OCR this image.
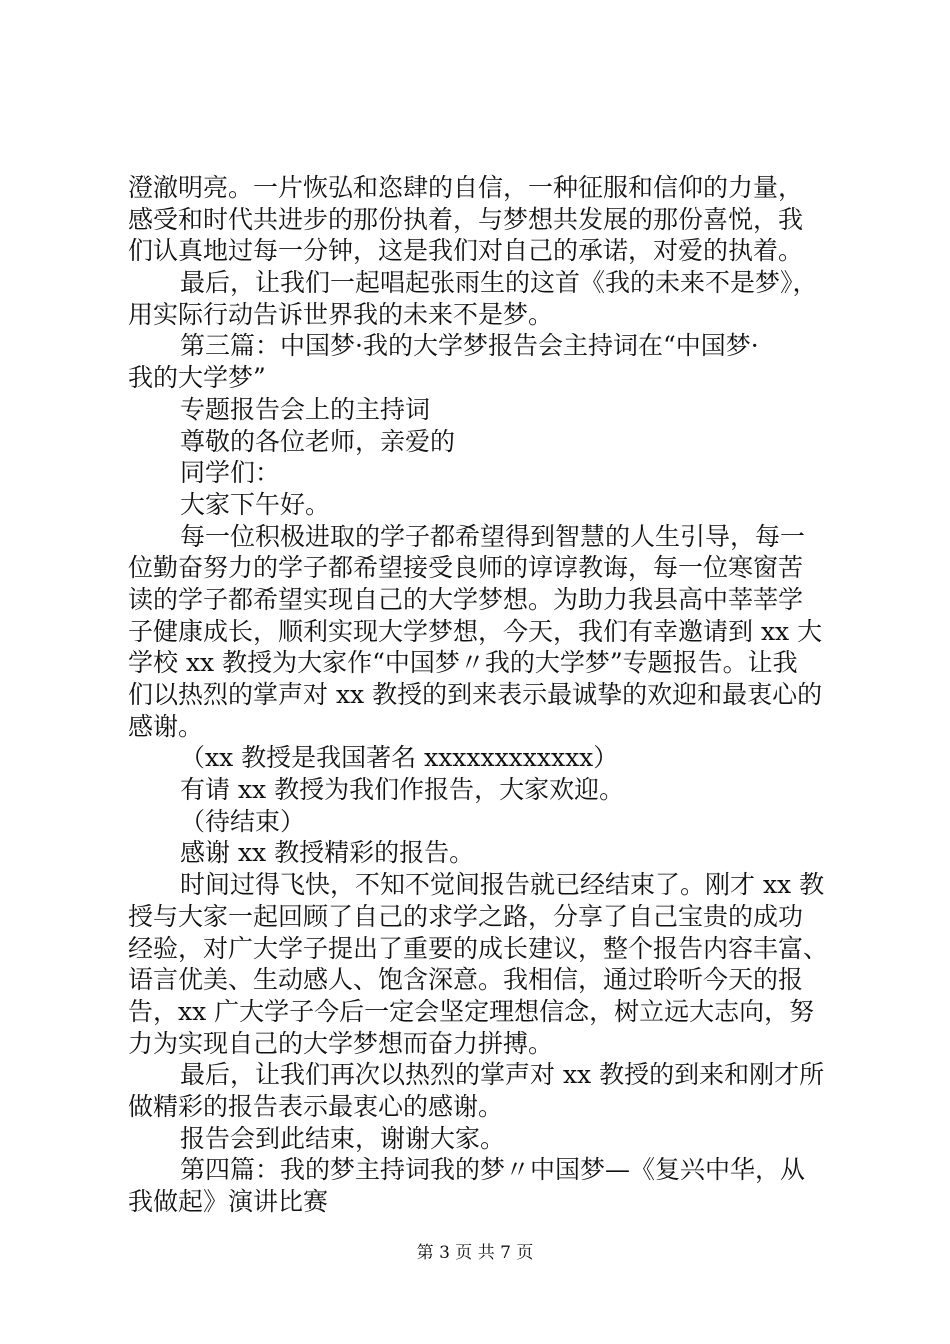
澄澈明亮。一片恢弘和恣肆的自信，一种征服和信仰的力量，
感受和时代共进步的那份执着，与梦想共发展的那份喜悦，我
们认真地过每一分钟，这是我们对自己的承诺，对爱的执着。
最后，让我们一起唱起张雨生的这首《我的未来不是梦》，
用实际行动告诉世界我的未来不是梦。
第三篇：中国梦·我的大学梦报告会主持词在“中国梦·
我的大学梦”
专题报告会上的主持词
尊敬的各位老师，亲爱的
同学们：
大家下午好。
每一位积极进取的学子都希望得到智慧的人生引导，每一
位勤奋努力的学子都希望接受良师的谆谆教诲，每一位寒窗苦
读的学子都希望实现自己的大学梦想。为助力我县高中莘莘学
子健康成长，顺利实现大学梦想，今天，我们有幸邀请到 xx 大
学校 xx 教授为大家作“中国梦〃我的大学梦”专题报告。让我
们以热烈的掌声对 xx 教授的到来表示最诚挚的欢迎和最衷心的
感谢。
（xx 教授是我国著名 xxxxxxxxxxxx）
有请 xx 教授为我们作报告，大家欢迎。
（待结束）
感谢 xx 教授精彩的报告。
时间过得飞快，不知不觉间报告就已经结束了。刚才 xx 教
授与大家一起回顾了自己的求学之路，分享了自己宝贵的成功
经验，对广大学子提出了重要的成长建议，整个报告内容丰富、
语言优美、生动感人、饱含深意。我相信，通过聆听今天的报
告，xx 广大学子今后一定会坚定理想信念，树立远大志向，努
力为实现自己的大学梦想而奋力拼搏。
最后，让我们再次以热烈的掌声对 xx 教授的到来和刚才所
做精彩的报告表示最衷心的感谢。
报告会到此结束，谢谢大家。
第四篇：我的梦主持词我的梦〃中国梦—《复兴中华，从
我做起》演讲比赛
第 3 页 共 7 页
